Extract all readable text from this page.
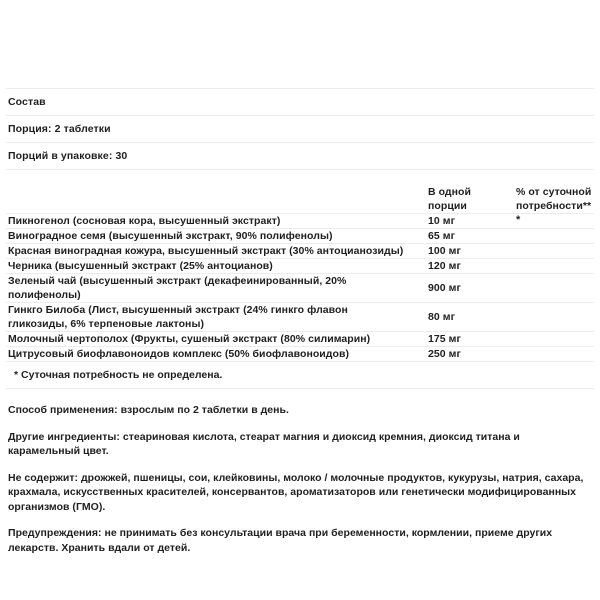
Состав
Порция: 2 таблетки
Порций в упаковке: 30
	В одной порции	% от суточной потребности**
Пикногенол (сосновая кора, высушенный экстракт)	10 мг	*
Виноградное семя (высушенный экстракт, 90% полифенолы)	65 мг	
Красная виноградная кожура, высушенный экстракт (30% антоцианозиды)	100 мг	
Черника (высушенный экстракт (25% антоцианов)	120 мг	
Зеленый чай (высушенный экстракт (декафеинированный, 20% полифенолы)	900 мг	
Гинкго Билоба (Лист, высушенный экстракт (24% гинкго флавон гликозиды, 6% терпеновые лактоны)	80 мг	
Молочный чертополох (Фрукты, сушеный экстракт (80% силимарин)	175 мг	
Цитрусовый биофлавоноидов комплекс (50% биофлавоноидов)	250 мг	
* Суточная потребность не определена.

Способ применения: взрослым по 2 таблетки в день.

Другие ингредиенты: стеариновая кислота, стеарат магния и диоксид кремния, диоксид титана и карамельный цвет.

Не содержит: дрожжей, пшеницы, сои, клейковины, молоко / молочные продуктов, кукурузы, натрия, сахара, крахмала, искусственных красителей, консервантов, ароматизаторов или генетически модифицированных организмов (ГМО).

Предупреждения: не принимать без консультации врача при беременности, кормлении, приеме других лекарств. Хранить вдали от детей.
